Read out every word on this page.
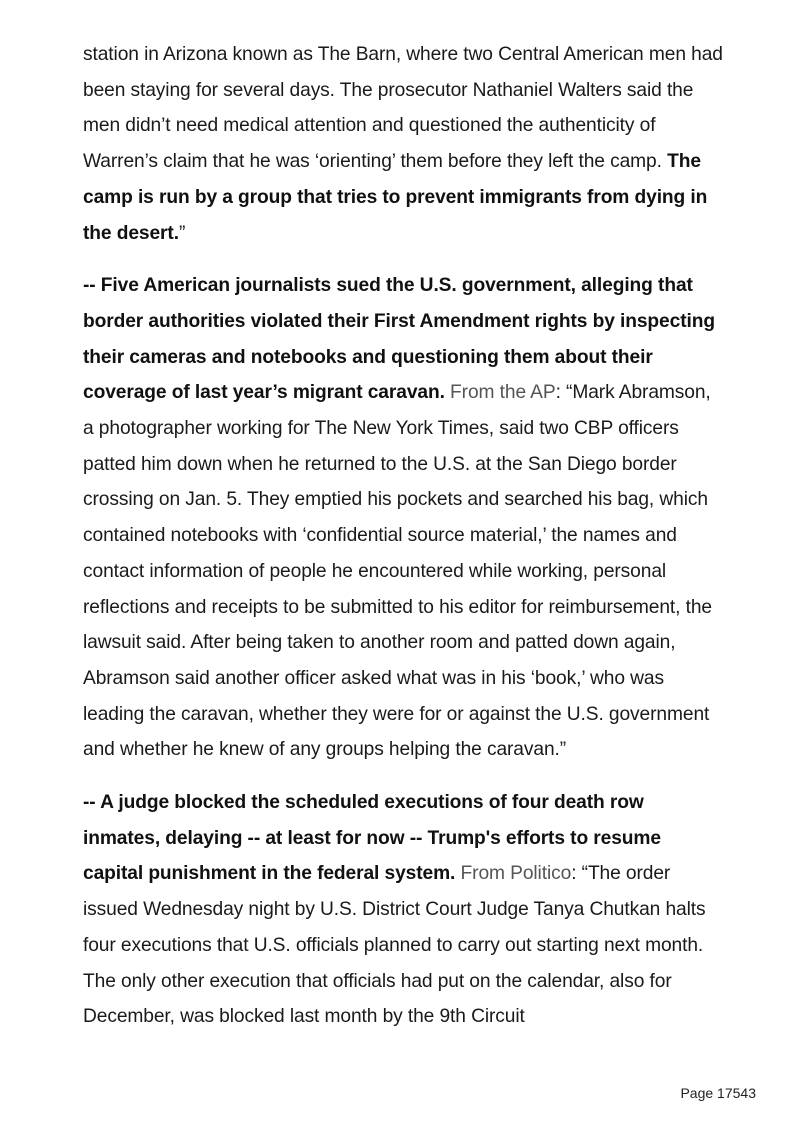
station in Arizona known as The Barn, where two Central American men had been staying for several days. The prosecutor Nathaniel Walters said the men didn’t need medical attention and questioned the authenticity of Warren’s claim that he was ‘orienting’ them before they left the camp. The camp is run by a group that tries to prevent immigrants from dying in the desert.”

-- Five American journalists sued the U.S. government, alleging that border authorities violated their First Amendment rights by inspecting their cameras and notebooks and questioning them about their coverage of last year’s migrant caravan. From the AP: “Mark Abramson, a photographer working for The New York Times, said two CBP officers patted him down when he returned to the U.S. at the San Diego border crossing on Jan. 5. They emptied his pockets and searched his bag, which contained notebooks with ‘confidential source material,’ the names and contact information of people he encountered while working, personal reflections and receipts to be submitted to his editor for reimbursement, the lawsuit said. After being taken to another room and patted down again, Abramson said another officer asked what was in his ‘book,’ who was leading the caravan, whether they were for or against the U.S. government and whether he knew of any groups helping the caravan.”

-- A judge blocked the scheduled executions of four death row inmates, delaying -- at least for now -- Trump's efforts to resume capital punishment in the federal system. From Politico: “The order issued Wednesday night by U.S. District Court Judge Tanya Chutkan halts four executions that U.S. officials planned to carry out starting next month. The only other execution that officials had put on the calendar, also for December, was blocked last month by the 9th Circuit

Page 17543
